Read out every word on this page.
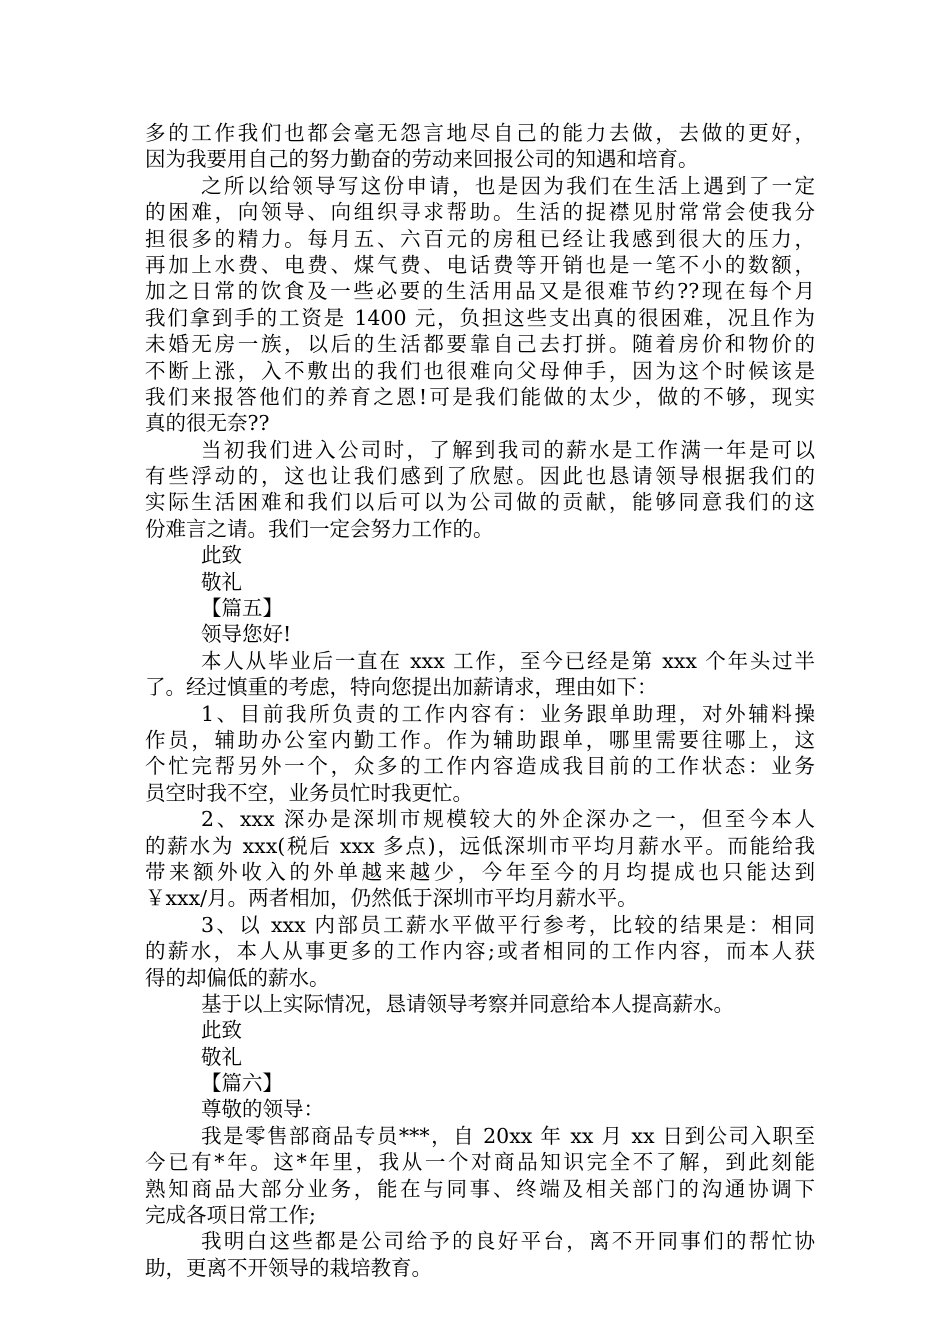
多的工作我们也都会毫无怨言地尽自己的能力去做，去做的更好，
因为我要用自己的努力勤奋的劳动来回报公司的知遇和培育。
之所以给领导写这份申请，也是因为我们在生活上遇到了一定
的困难，向领导、向组织寻求帮助。生活的捉襟见肘常常会使我分
担很多的精力。每月五、六百元的房租已经让我感到很大的压力，
再加上水费、电费、煤气费、电话费等开销也是一笔不小的数额，
加之日常的饮食及一些必要的生活用品又是很难节约??现在每个月
我们拿到手的工资是 1400 元，负担这些支出真的很困难，况且作为
未婚无房一族，以后的生活都要靠自己去打拼。随着房价和物价的
不断上涨，入不敷出的我们也很难向父母伸手，因为这个时候该是
我们来报答他们的养育之恩!可是我们能做的太少，做的不够，现实
真的很无奈??
当初我们进入公司时，了解到我司的薪水是工作满一年是可以
有些浮动的，这也让我们感到了欣慰。因此也恳请领导根据我们的
实际生活困难和我们以后可以为公司做的贡献，能够同意我们的这
份难言之请。我们一定会努力工作的。
此致
敬礼
【篇五】
领导您好!
本人从毕业后一直在 xxx 工作，至今已经是第 xxx 个年头过半
了。经过慎重的考虑，特向您提出加薪请求，理由如下：
1、目前我所负责的工作内容有：业务跟单助理，对外辅料操
作员，辅助办公室内勤工作。作为辅助跟单，哪里需要往哪上，这
个忙完帮另外一个，众多的工作内容造成我目前的工作状态：业务
员空时我不空，业务员忙时我更忙。
2、xxx 深办是深圳市规模较大的外企深办之一，但至今本人
的薪水为 xxx(税后 xxx 多点)，远低深圳市平均月薪水平。而能给我
带来额外收入的外单越来越少，今年至今的月均提成也只能达到
￥xxx/月。两者相加，仍然低于深圳市平均月薪水平。
3、以 xxx 内部员工薪水平做平行参考，比较的结果是：相同
的薪水，本人从事更多的工作内容;或者相同的工作内容，而本人获
得的却偏低的薪水。
基于以上实际情况，恳请领导考察并同意给本人提高薪水。
此致
敬礼
【篇六】
尊敬的领导：
我是零售部商品专员***，自 20xx 年 xx 月 xx 日到公司入职至
今已有*年。这*年里，我从一个对商品知识完全不了解，到此刻能
熟知商品大部分业务，能在与同事、终端及相关部门的沟通协调下
完成各项日常工作;
我明白这些都是公司给予的良好平台，离不开同事们的帮忙协
助，更离不开领导的栽培教育。
